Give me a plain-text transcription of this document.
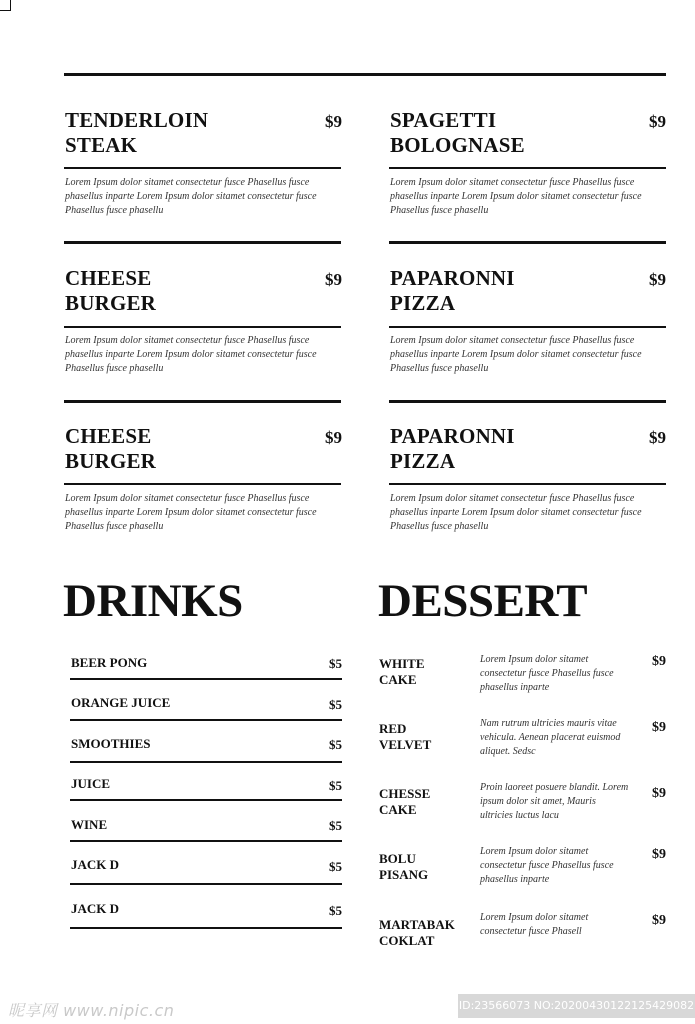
TENDERLOIN
STEAK
$9
Lorem Ipsum dolor sitamet consectetur fusce Phasellus fusce phasellus inparte Lorem Ipsum dolor sitamet consectetur fusce Phasellus fusce phasellu
SPAGETTI
BOLOGNASE
$9
Lorem Ipsum dolor sitamet consectetur fusce Phasellus fusce phasellus inparte Lorem Ipsum dolor sitamet consectetur fusce Phasellus fusce phasellu
CHEESE
BURGER
$9
Lorem Ipsum dolor sitamet consectetur fusce Phasellus fusce phasellus inparte Lorem Ipsum dolor sitamet consectetur fusce Phasellus fusce phasellu
PAPARONNI
PIZZA
$9
Lorem Ipsum dolor sitamet consectetur fusce Phasellus fusce phasellus inparte Lorem Ipsum dolor sitamet consectetur fusce Phasellus fusce phasellu
CHEESE
BURGER
$9
Lorem Ipsum dolor sitamet consectetur fusce Phasellus fusce phasellus inparte Lorem Ipsum dolor sitamet consectetur fusce Phasellus fusce phasellu
PAPARONNI
PIZZA
$9
Lorem Ipsum dolor sitamet consectetur fusce Phasellus fusce phasellus inparte Lorem Ipsum dolor sitamet consectetur fusce Phasellus fusce phasellu
DRINKS
BEER PONG	$5
ORANGE JUICE	$5
SMOOTHIES	$5
JUICE	$5
WINE	$5
JACK D	$5
JACK D	$5
DESSERT
WHITE
CAKE
Lorem Ipsum dolor sitamet consectetur fusce Phasellus fusce phasellus inparte
$9
RED
VELVET
Nam rutrum ultricies mauris vitae vehicula. Aenean placerat euismod aliquet. Sedsc
$9
CHESSE
CAKE
Proin laoreet posuere blandit. Lorem ipsum dolor sit amet, Mauris ultricies luctus lacu
$9
BOLU
PISANG
Lorem Ipsum dolor sitamet consectetur fusce Phasellus fusce phasellus inparte
$9
MARTABAK
COKLAT
Lorem Ipsum dolor sitamet consectetur fusce Phasell
$9
昵享网 www.nipic.cn	ID:23566073 NO:20200430122125429082
